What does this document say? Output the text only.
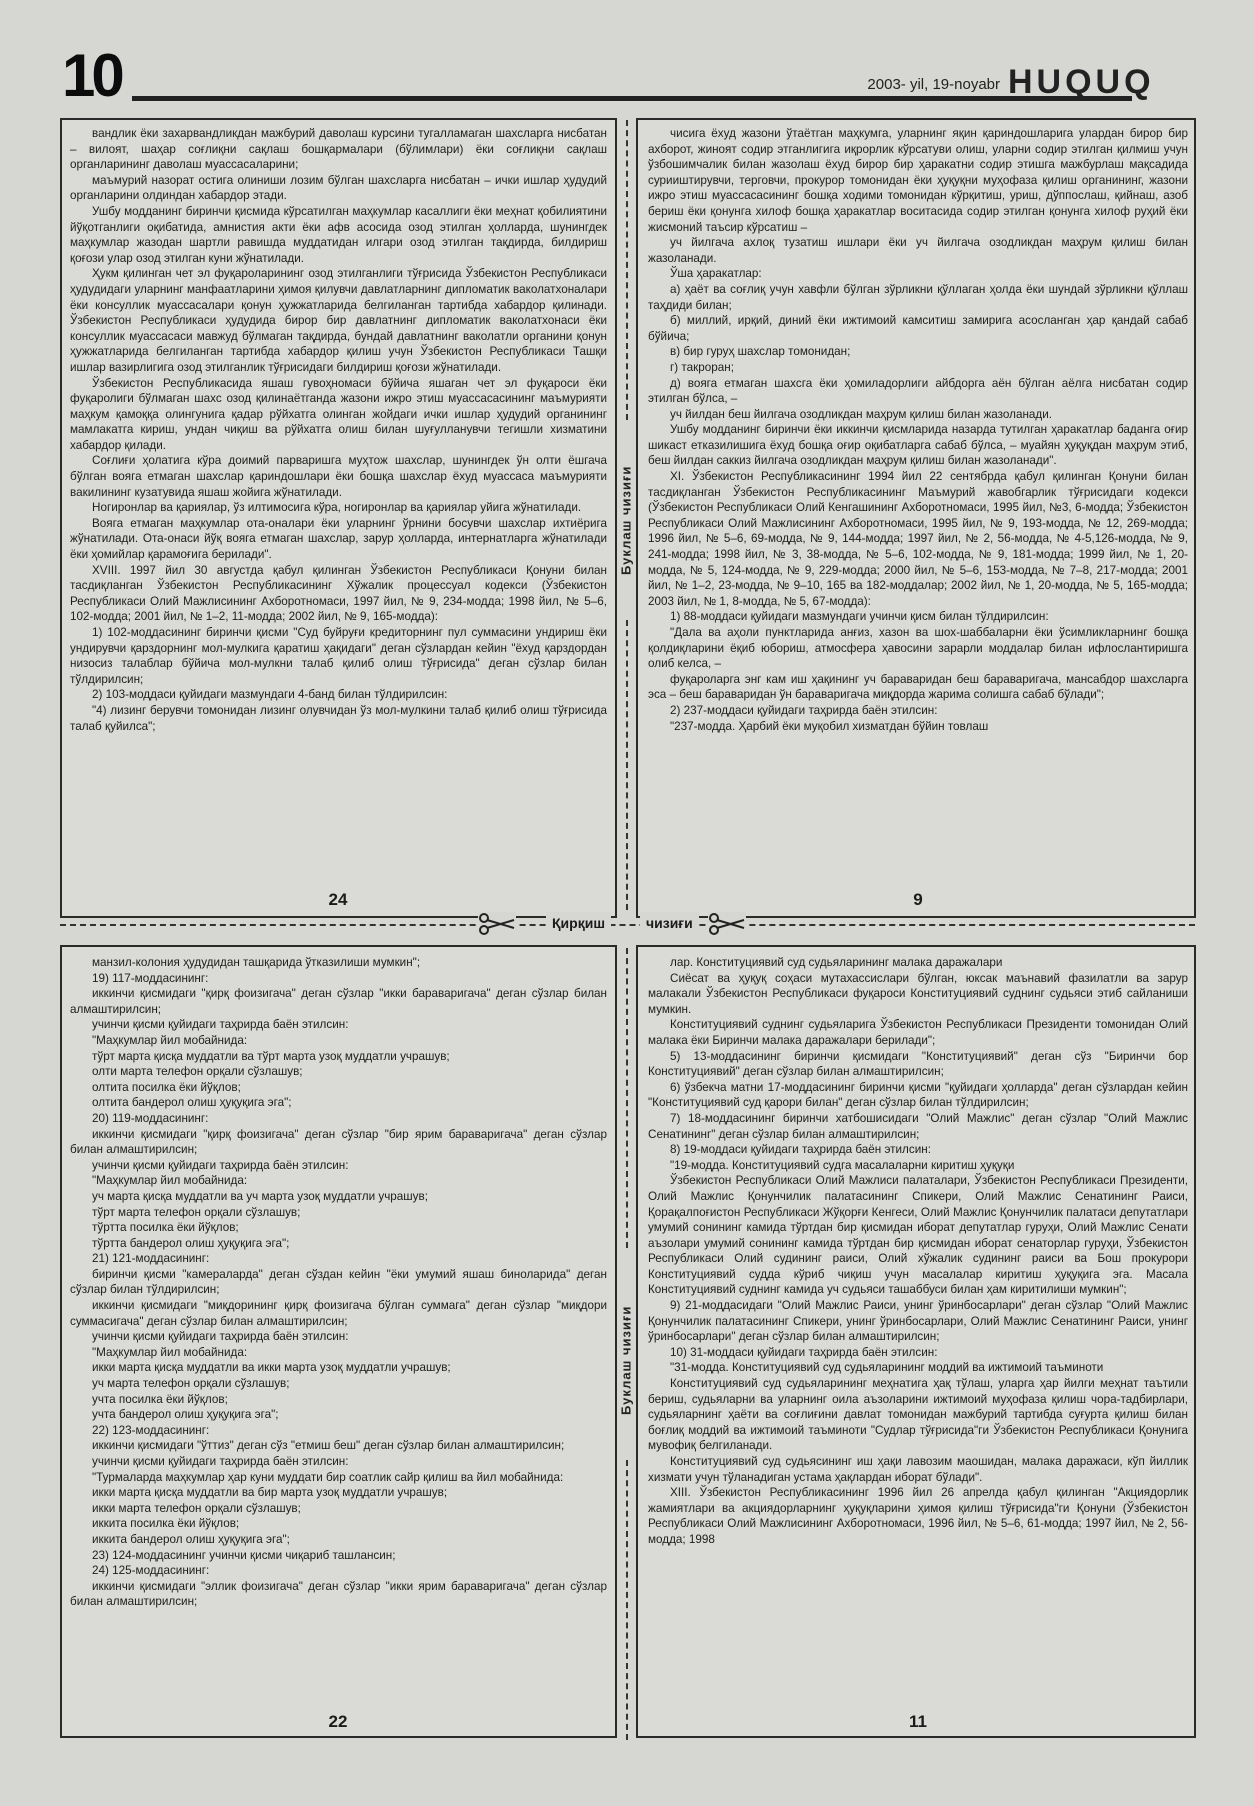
10	2003- yil, 19-noyabr HUQUQ

вандлик ёки захарвандликдан мажбурий даволаш курсини тугалламаган шахсларга нисбатан – вилоят, шаҳар соғлиқни сақлаш бошқармалари (бўлимлари) ёки соғлиқни сақлаш органларининг даволаш муассасаларини;

маъмурий назорат остига олиниши лозим бўлган шахсларга нисбатан – ички ишлар ҳудудий органларини олдиндан хабардор этади.

Ушбу модданинг биринчи қисмида кўрсатилган маҳкумлар касаллиги ёки меҳнат қобилиятини йўқотганлиги оқибатида, амнистия акти ёки афв асосида озод этилган ҳолларда, шунингдек маҳкумлар жазодан шартли равишда муддатидан илгари озод этилган тақдирда, билдириш қоғози улар озод этилган куни жўнатилади.

Ҳукм қилинган чет эл фуқароларининг озод этилганлиги тўғрисида Ўзбекистон Республикаси ҳудудидаги уларнинг манфаатларини ҳимоя қилувчи давлатларнинг дипломатик ваколатхоналари ёки консуллик муассасалари қонун ҳужжатларида белгиланган тартибда хабардор қилинади. Ўзбекистон Республикаси ҳудудида бирор бир давлатнинг дипломатик ваколатхонаси ёки консуллик муассасаси мавжуд бўлмаган тақдирда, бундай давлатнинг ваколатли органини қонун ҳужжатларида белгиланган тартибда хабардор қилиш учун Ўзбекистон Республикаси Ташқи ишлар вазирлигига озод этилганлик тўғрисидаги билдириш қоғози жўнатилади.

Ўзбекистон Республикасида яшаш гувоҳномаси бўйича яшаган чет эл фуқароси ёки фуқаролиги бўлмаган шахс озод қилинаётганда жазони ижро этиш муассасасининг маъмурияти маҳкум қамоққа олингунига қадар рўйхатга олинган жойдаги ички ишлар ҳудудий органининг мамлакатга кириш, ундан чиқиш ва рўйхатга олиш билан шуғулланувчи тегишли хизматини хабардор қилади.

Соғлиғи ҳолатига кўра доимий парваришга муҳтож шахслар, шунингдек ўн олти ёшгача бўлган вояга етмаган шахслар қариндошлари ёки бошқа шахслар ёхуд муассаса маъмурияти вакилининг кузатувида яшаш жойига жўнатилади.

Ногиронлар ва қариялар, ўз илтимосига кўра, ногиронлар ва қариялар уйига жўнатилади.

Вояга етмаган маҳкумлар ота-оналари ёки уларнинг ўрнини босувчи шахслар ихтиёрига жўнатилади. Ота-онаси йўқ вояга етмаган шахслар, зарур ҳолларда, интернатларга жўнатилади ёки ҳомийлар қарамоғига берилади".

XVIII. 1997 йил 30 августда қабул қилинган Ўзбекистон Республикаси Қонуни билан тасдиқланган Ўзбекистон Республикасининг Хўжалик процессуал кодекси (Ўзбекистон Республикаси Олий Мажлисининг Ахборотномаси, 1997 йил, № 9, 234-модда; 1998 йил, № 5–6, 102-модда; 2001 йил, № 1–2, 11-модда; 2002 йил, № 9, 165-модда):

1) 102-моддасининг биринчи қисми "Суд буйруғи кредиторнинг пул суммасини ундириш ёки ундирувчи қарздорнинг мол-мулкига қаратиш ҳақидаги" деган сўзлардан кейин "ёхуд қарздордан низосиз талаблар бўйича мол-мулкни талаб қилиб олиш тўғрисида" деган сўзлар билан тўлдирилсин;

2) 103-моддаси қуйидаги мазмундаги 4-банд билан тўлдирилсин:

"4) лизинг берувчи томонидан лизинг олувчидан ўз мол-мулкини талаб қилиб олиш тўғрисида талаб қуйилса";

24

чисига ёхуд жазони ўтаётган маҳкумга, уларнинг яқин қариндошларига улардан бирор бир ахборот, жиноят содир этганлигига иқрорлик кўрсатуви олиш, уларни содир этилган қилмиш учун ўзбошимчалик билан жазолаш ёхуд бирор бир ҳаракатни содир этишга мажбурлаш мақсадида сурииштирувчи, терговчи, прокурор томонидан ёки ҳуқуқни муҳофаза қилиш органининг, жазони ижро этиш муассасасининг бошқа ходими томонидан кўрқитиш, уриш, дўппослаш, қийнаш, азоб бериш ёки қонунга хилоф бошқа ҳаракатлар воситасида содир этилган қонунга хилоф руҳий ёки жисмоний таъсир кўрсатиш –

уч йилгача ахлоқ тузатиш ишлари ёки уч йилгача озодликдан маҳрум қилиш билан жазоланади.

Ўша ҳаракатлар:

а) ҳаёт ва соғлиқ учун хавфли бўлган зўрликни қўллаган ҳолда ёки шундай зўрликни қўллаш таҳдиди билан;

б) миллий, ирқий, диний ёки ижтимоий камситиш замирига асосланган ҳар қандай сабаб бўйича;

в) бир гуруҳ шахслар томонидан;

г) такроран;

д) вояга етмаган шахсга ёки ҳомиладорлиги айбдорга аён бўлган аёлга нисбатан содир этилган бўлса, –

уч йилдан беш йилгача озодликдан маҳрум қилиш билан жазоланади.

Ушбу модданинг биринчи ёки иккинчи қисмларида назарда тутилган ҳаракатлар баданга оғир шикаст етказилишига ёхуд бошқа оғир оқибатларга сабаб бўлса, – муайян ҳуқуқдан маҳрум этиб, беш йилдан саккиз йилгача озодликдан маҳрум қилиш билан жазоланади".

XI. Ўзбекистон Республикасининг 1994 йил 22 сентябрда қабул қилинган Қонуни билан тасдиқланган Ўзбекистон Республикасининг Маъмурий жавобгарлик тўғрисидаги кодекси (Ўзбекистон Республикаси Олий Кенгашининг Ахборотномаси, 1995 йил, №3, 6-модда; Ўзбекистон Республикаси Олий Мажлисининг Ахборотномаси, 1995 йил, № 9, 193-модда, № 12, 269-модда; 1996 йил, № 5–6, 69-модда, № 9, 144-модда; 1997 йил, № 2, 56-модда, № 4-5,126-модда, № 9, 241-модда; 1998 йил, № 3, 38-модда, № 5–6, 102-модда, № 9, 181-модда; 1999 йил, № 1, 20-модда, № 5, 124-модда, № 9, 229-модда; 2000 йил, № 5–6, 153-модда, № 7–8, 217-модда; 2001 йил, № 1–2, 23-модда, № 9–10, 165 ва 182-моддалар; 2002 йил, № 1, 20-модда, № 5, 165-модда; 2003 йил, № 1, 8-модда, № 5, 67-модда):

1) 88-моддаси қуйидаги мазмундаги учинчи қисм билан тўлдирилсин:

"Дала ва аҳоли пунктларида анғиз, хазон ва шох-шаббаларни ёки ўсимликларнинг бошқа қолдиқларини ёқиб юбориш, атмосфера ҳавосини зарарли моддалар билан ифлослантиришга олиб келса, –

фуқароларга энг кам иш ҳақининг уч бараваридан беш бараваригача, мансабдор шахсларга эса – беш бараваридан ўн бараваригача миқдорда жарима солишга сабаб бўлади";

2) 237-моддаси қуйидаги таҳрирда баён этилсин:

"237-модда. Ҳарбий ёки муқобил хизматдан бўйин товлаш

9
Буклаш чизиғи
Қирқиш	чизиғи

манзил-колония ҳудудидан ташқарида ўтказилиши мумкин";

19) 117-моддасининг:

иккинчи қисмидаги "қирқ фоизигача" деган сўзлар "икки бараваригача" деган сўзлар билан алмаштирилсин;

учинчи қисми қуйидаги таҳрирда баён этилсин:

"Маҳкумлар йил мобайнида:

тўрт марта қисқа муддатли ва тўрт марта узоқ муддатли учрашув;

олти марта телефон орқали сўзлашув;

олтита посилка ёки йўқлов;

олтита бандерол олиш ҳуқуқига эга";

20) 119-моддасининг:

иккинчи қисмидаги "қирқ фоизигача" деган сўзлар "бир ярим бараваригача" деган сўзлар билан алмаштирилсин;

учинчи қисми қуйидаги таҳрирда баён этилсин:

"Маҳкумлар йил мобайнида:

уч марта қисқа муддатли ва уч марта узоқ муддатли учрашув;

тўрт марта телефон орқали сўзлашув;

тўртта посилка ёки йўқлов;

тўртта бандерол олиш ҳуқуқига эга";

21) 121-моддасининг:

биринчи қисми "камераларда" деган сўздан кейин "ёки умумий яшаш биноларида" деган сўзлар билан тўлдирилсин;

иккинчи қисмидаги "миқдорининг қирқ фоизигача бўлган суммага" деган сўзлар "миқдори суммасигача" деган сўзлар билан алмаштирилсин;

учинчи қисми қуйидаги таҳрирда баён этилсин:

"Маҳкумлар йил мобайнида:

икки марта қисқа муддатли ва икки марта узоқ муддатли учрашув;

уч марта телефон орқали сўзлашув;

учта посилка ёки йўқлов;

учта бандерол олиш ҳуқуқига эга";

22) 123-моддасининг:

иккинчи қисмидаги "ўттиз" деган сўз "етмиш беш" деган сўзлар билан алмаштирилсин;

учинчи қисми қуйидаги таҳрирда баён этилсин:

"Турмаларда маҳкумлар ҳар куни муддати бир соатлик сайр қилиш ва йил мобайнида:

икки марта қисқа муддатли ва бир марта узоқ муддатли учрашув;

икки марта телефон орқали сўзлашув;

иккита посилка ёки йўқлов;

иккита бандерол олиш ҳуқуқига эга";

23) 124-моддасининг учинчи қисми чиқариб ташлансин;

24) 125-моддасининг:

иккинчи қисмидаги "эллик фоизигача" деган сўзлар "икки ярим бараваригача" деган сўзлар билан алмаштирилсин;

22

лар. Конституциявий суд судьяларининг малака даражалари

Сиёсат ва ҳуқуқ соҳаси мутахассислари бўлган, юксак маънавий фазилатли ва зарур малакали Ўзбекистон Республикаси фуқароси Конституциявий суднинг судьяси этиб сайланиши мумкин.

Конституциявий суднинг судьяларига Ўзбекистон Республикаси Президенти томонидан Олий малака ёки Биринчи малака даражалари берилади";

5) 13-моддасининг биринчи қисмидаги "Конституциявий" деган сўз "Биринчи бор Конституциявий" деган сўзлар билан алмаштирилсин;

6) ўзбекча матни 17-моддасининг биринчи қисми "қуйидаги ҳолларда" деган сўзлардан кейин "Конституциявий суд қарори билан" деган сўзлар билан тўлдирилсин;

7) 18-моддасининг биринчи хатбошисидаги "Олий Мажлис" деган сўзлар "Олий Мажлис Сенатининг" деган сўзлар билан алмаштирилсин;

8) 19-моддаси қуйидаги таҳрирда баён этилсин:

"19-модда. Конституциявий судга масалаларни киритиш ҳуқуқи

Ўзбекистон Республикаси Олий Мажлиси палаталари, Ўзбекистон Республикаси Президенти, Олий Мажлис Қонунчилик палатасининг Спикери, Олий Мажлис Сенатининг Раиси, Қорақалпоғистон Республикаси Жўқорғи Кенгеси, Олий Мажлис Қонунчилик палатаси депутатлари умумий сонининг камида тўртдан бир қисмидан иборат депутатлар гуруҳи, Олий Мажлис Сенати аъзолари умумий сонининг камида тўртдан бир қисмидан иборат сенаторлар гуруҳи, Ўзбекистон Республикаси Олий судининг раиси, Олий хўжалик судининг раиси ва Бош прокурори Конституциявий судда кўриб чиқиш учун масалалар киритиш ҳуқуқига эга. Масала Конституциявий суднинг камида уч судьяси ташаббуси билан ҳам киритилиши мумкин";

9) 21-моддасидаги "Олий Мажлис Раиси, унинг ўринбосарлари" деган сўзлар "Олий Мажлис Қонунчилик палатасининг Спикери, унинг ўринбосарлари, Олий Мажлис Сенатининг Раиси, унинг ўринбосарлари" деган сўзлар билан алмаштирилсин;

10) 31-моддаси қуйидаги таҳрирда баён этилсин:

"31-модда. Конституциявий суд судьяларининг моддий ва ижтимоий таъминоти

Конституциявий суд судьяларининг меҳнатига ҳақ тўлаш, уларга ҳар йилги меҳнат таътили бериш, судьяларни ва уларнинг оила аъзоларини ижтимоий муҳофаза қилиш чора-тадбирлари, судьяларнинг ҳаёти ва соғлиғини давлат томонидан мажбурий тартибда суғурта қилиш билан боғлиқ моддий ва ижтимоий таъминоти "Судлар тўғрисида"ги Ўзбекистон Республикаси Қонунига мувофиқ белгиланади.

Конституциявий суд судьясининг иш ҳақи лавозим маошидан, малака даражаси, кўп йиллик хизмати учун тўланадиган устама ҳақлардан иборат бўлади".

XIII. Ўзбекистон Республикасининг 1996 йил 26 апрелда қабул қилинган "Акциядорлик жамиятлари ва акциядорларнинг ҳуқуқларини ҳимоя қилиш тўғрисида"ги Қонуни (Ўзбекистон Республикаси Олий Мажлисининг Ахборотномаси, 1996 йил, № 5–6, 61-модда; 1997 йил, № 2, 56-модда; 1998

11
Буклаш чизиғи
